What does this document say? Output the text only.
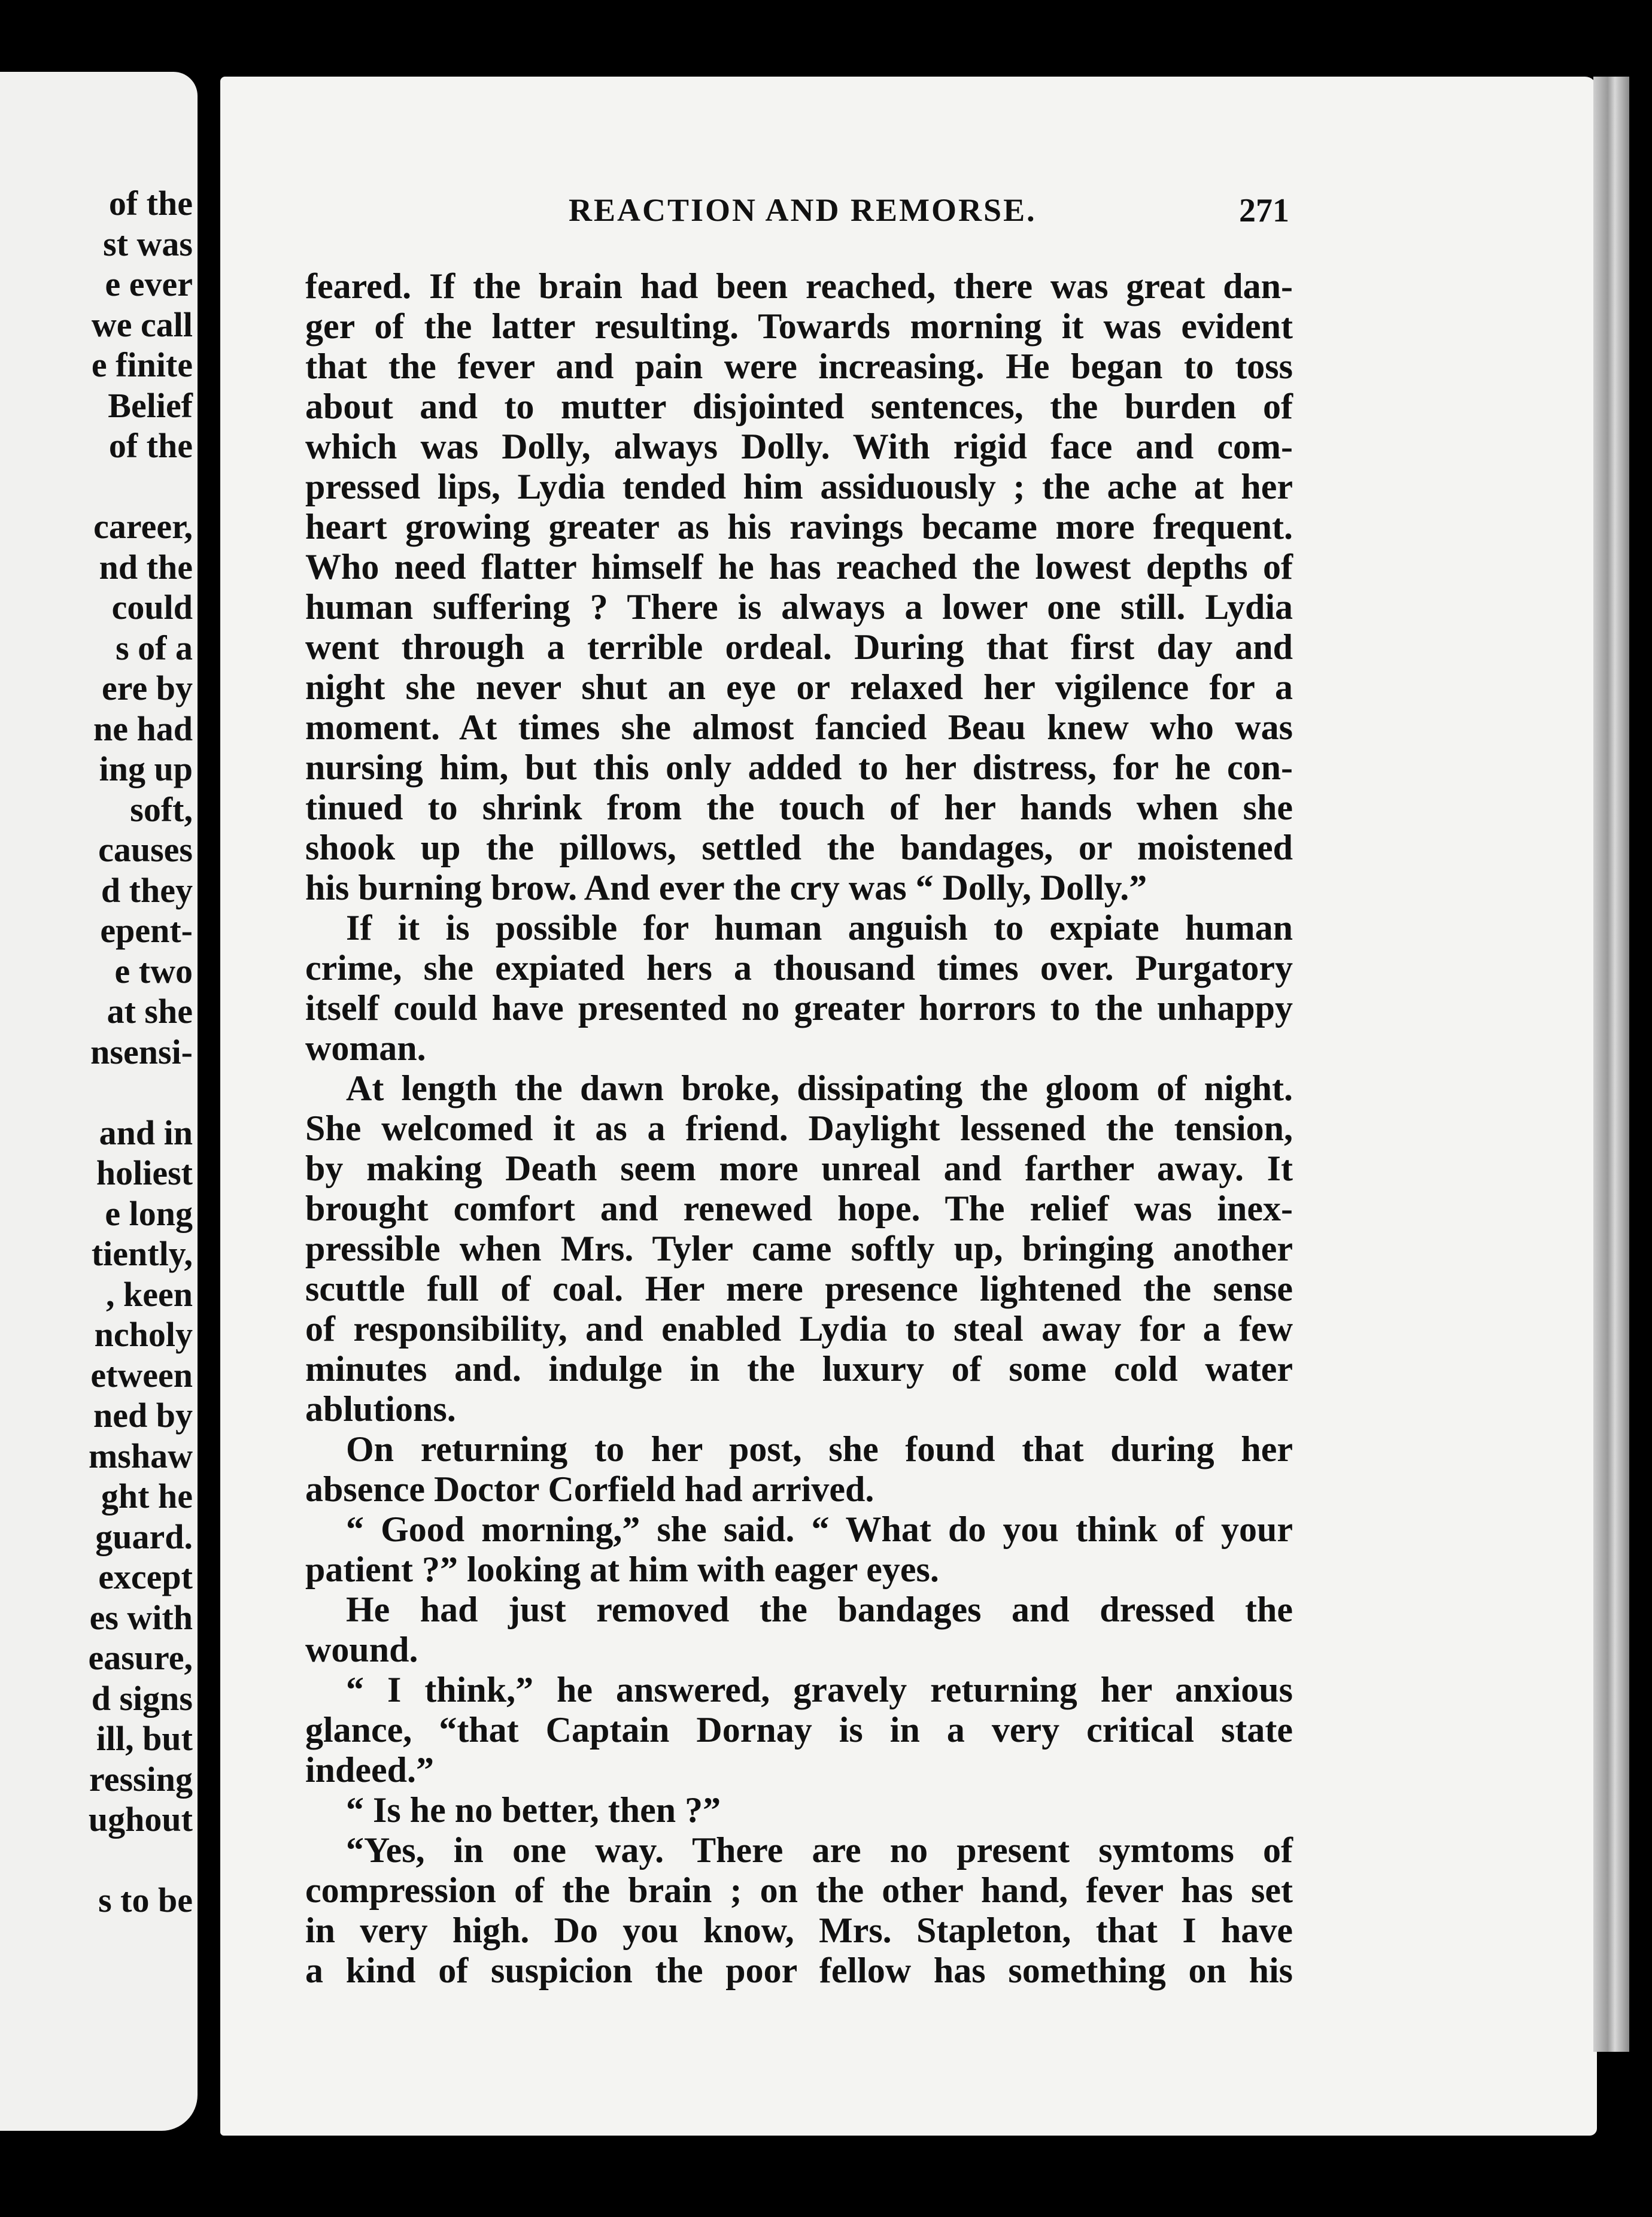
of the
st was
e ever
we call
e finite
Belief
of the
career,
nd the
could
s of a
ere by
ne had
ing up
soft,
causes
d they
epent-
e two
at she
nsensi-
and in
holiest
e long
tiently,
, keen
ncholy
etween
ned by
mshaw
ght he
guard.
except
es with
easure,
d signs
ill, but
ressing
ughout
s to be
REACTION AND REMORSE.	271
feared. If the brain had been reached, there was great dan-
ger of the latter resulting. Towards morning it was evident
that the fever and pain were increasing. He began to toss
about and to mutter disjointed sentences, the burden of
which was Dolly, always Dolly. With rigid face and com-
pressed lips, Lydia tended him assiduously ; the ache at her
heart growing greater as his ravings became more frequent.
Who need flatter himself he has reached the lowest depths of
human suffering ? There is always a lower one still. Lydia
went through a terrible ordeal. During that first day and
night she never shut an eye or relaxed her vigilence for a
moment. At times she almost fancied Beau knew who was
nursing him, but this only added to her distress, for he con-
tinued to shrink from the touch of her hands when she
shook up the pillows, settled the bandages, or moistened
his burning brow. And ever the cry was “ Dolly, Dolly.”
If it is possible for human anguish to expiate human
crime, she expiated hers a thousand times over. Purgatory
itself could have presented no greater horrors to the unhappy
woman.
At length the dawn broke, dissipating the gloom of night.
She welcomed it as a friend. Daylight lessened the tension,
by making Death seem more unreal and farther away. It
brought comfort and renewed hope. The relief was inex-
pressible when Mrs. Tyler came softly up, bringing another
scuttle full of coal. Her mere presence lightened the sense
of responsibility, and enabled Lydia to steal away for a few
minutes and. indulge in the luxury of some cold water
ablutions.
On returning to her post, she found that during her
absence Doctor Corfield had arrived.
“ Good morning,” she said. “ What do you think of your
patient ?” looking at him with eager eyes.
He had just removed the bandages and dressed the
wound.
“ I think,” he answered, gravely returning her anxious
glance, “that Captain Dornay is in a very critical state
indeed.”
“ Is he no better, then ?”
“Yes, in one way. There are no present symtoms of
compression of the brain ; on the other hand, fever has set
in very high. Do you know, Mrs. Stapleton, that I have
a kind of suspicion the poor fellow has something on his
